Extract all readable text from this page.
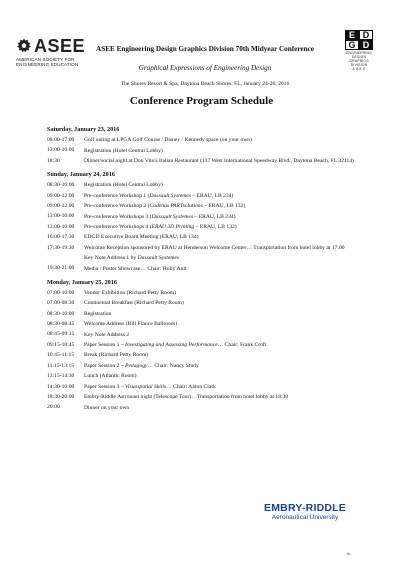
ASEE
AMERICAN SOCIETY FOR
ENGINEERING EDUCATION
E D
G D
ENGINEERING
DESIGN
GRAPHICS
DIVISION
A S E E
ASEE Engineering Design Graphics Division 70th Midyear Conference
Graphical Expressions of Engineering Design
The Shores Resort & Spa, Daytona Beach Shores, FL, January 24-26, 2016
Conference Program Schedule
Saturday, January 23, 2016
08:00-17:00	Golf outing at LPGA Golf Course / Disney / Kennedy space (on your own)
13:00-16:00	Registration (Hotel Central Lobby)
18:30	Dinner/social night at Don Vito's Italian Restaurant (137 West International Speedway Blvd., Daytona Beach, FL 32114)
Sunday, January 24, 2016
08:30-16:00	Registration (Hotel Central Lobby)
09:00-12:00	Pre-conference Workshop 1 (Dassault Systemes – ERAU, LB 234)
09:00-12:00	Pre-conference Workshop 2 (Cadenas PARTsolutions – ERAU, LB 132)
13:00-16:00	Pre-conference Workshops 3 (Dassault Systemes – ERAU, LB 234)
13:00-16:00	Pre-conference Workshops 4 (ERAU 3D Printing – ERAU, LB 132)
16:00-17:30	EDGD Executive Board Meeting (ERAU, LB 134)
17:30-19:30	Welcome Reception sponsored by ERAU at Henderson Welcome Center… Transportation from hotel lobby at 17:00
Key Note Address 1 by Dassault Systemes
19:30-21:00	Media / Poster Showcase… Chair: Holly Ault
Monday, January 25, 2016
07:00-16:00	Vendor Exhibition (Richard Petty Room)
07:00-08:30	Continental Breakfast (Richard Petty Room)
08:30-16:00	Registration
08:30-08:45	Welcome Address (Bill France Ballroom)
08:45-09:15	Key Note Address 2
09:15-10:45	Paper Session 1 – Investigating and Assessing Performance… Chair: Frank Croft
10:45-11:15	Break (Richard Petty Room)
11:15-13:15	Paper Session 2 – Pedagogy… Chair: Nancy Study
13:15-14:30	Lunch (Atlantic Room)
14:30-16:00	Paper Session 3 – Visuospatial Skills… Chair: Aaron Clark
18:30-20:00	Embry-Riddle Astronaut night (Telescope Tour)…Transportation from hotel lobby at 18:30
20:00	Dinner on your own
EMBRY-RIDDLE
Aeronautical University
iii
